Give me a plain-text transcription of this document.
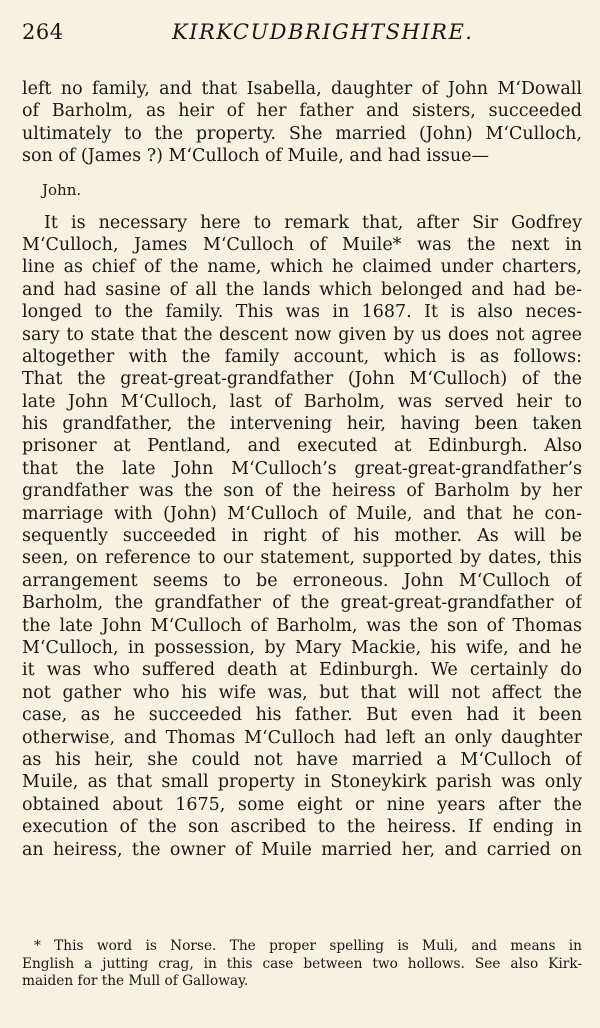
264	KIRKCUDBRIGHTSHIRE.
left no family, and that Isabella, daughter of John M‘Dowall
of Barholm, as heir of her father and sisters, succeeded
ultimately to the property. She married (John) M‘Culloch,
son of (James ?) M‘Culloch of Muile, and had issue—
John.
It is necessary here to remark that, after Sir Godfrey
M‘Culloch, James M‘Culloch of Muile* was the next in
line as chief of the name, which he claimed under charters,
and had sasine of all the lands which belonged and had be-
longed to the family. This was in 1687. It is also neces-
sary to state that the descent now given by us does not agree
altogether with the family account, which is as follows:
That the great-great-grandfather (John M‘Culloch) of the
late John M‘Culloch, last of Barholm, was served heir to
his grandfather, the intervening heir, having been taken
prisoner at Pentland, and executed at Edinburgh. Also
that the late John M‘Culloch’s great-great-grandfather’s
grandfather was the son of the heiress of Barholm by her
marriage with (John) M‘Culloch of Muile, and that he con-
sequently succeeded in right of his mother. As will be
seen, on reference to our statement, supported by dates, this
arrangement seems to be erroneous. John M‘Culloch of
Barholm, the grandfather of the great-great-grandfather of
the late John M‘Culloch of Barholm, was the son of Thomas
M‘Culloch, in possession, by Mary Mackie, his wife, and he
it was who suffered death at Edinburgh. We certainly do
not gather who his wife was, but that will not affect the
case, as he succeeded his father. But even had it been
otherwise, and Thomas M‘Culloch had left an only daughter
as his heir, she could not have married a M‘Culloch of
Muile, as that small property in Stoneykirk parish was only
obtained about 1675, some eight or nine years after the
execution of the son ascribed to the heiress. If ending in
an heiress, the owner of Muile married her, and carried on
* This word is Norse. The proper spelling is Muli, and means in
English a jutting crag, in this case between two hollows. See also Kirk-
maiden for the Mull of Galloway.
